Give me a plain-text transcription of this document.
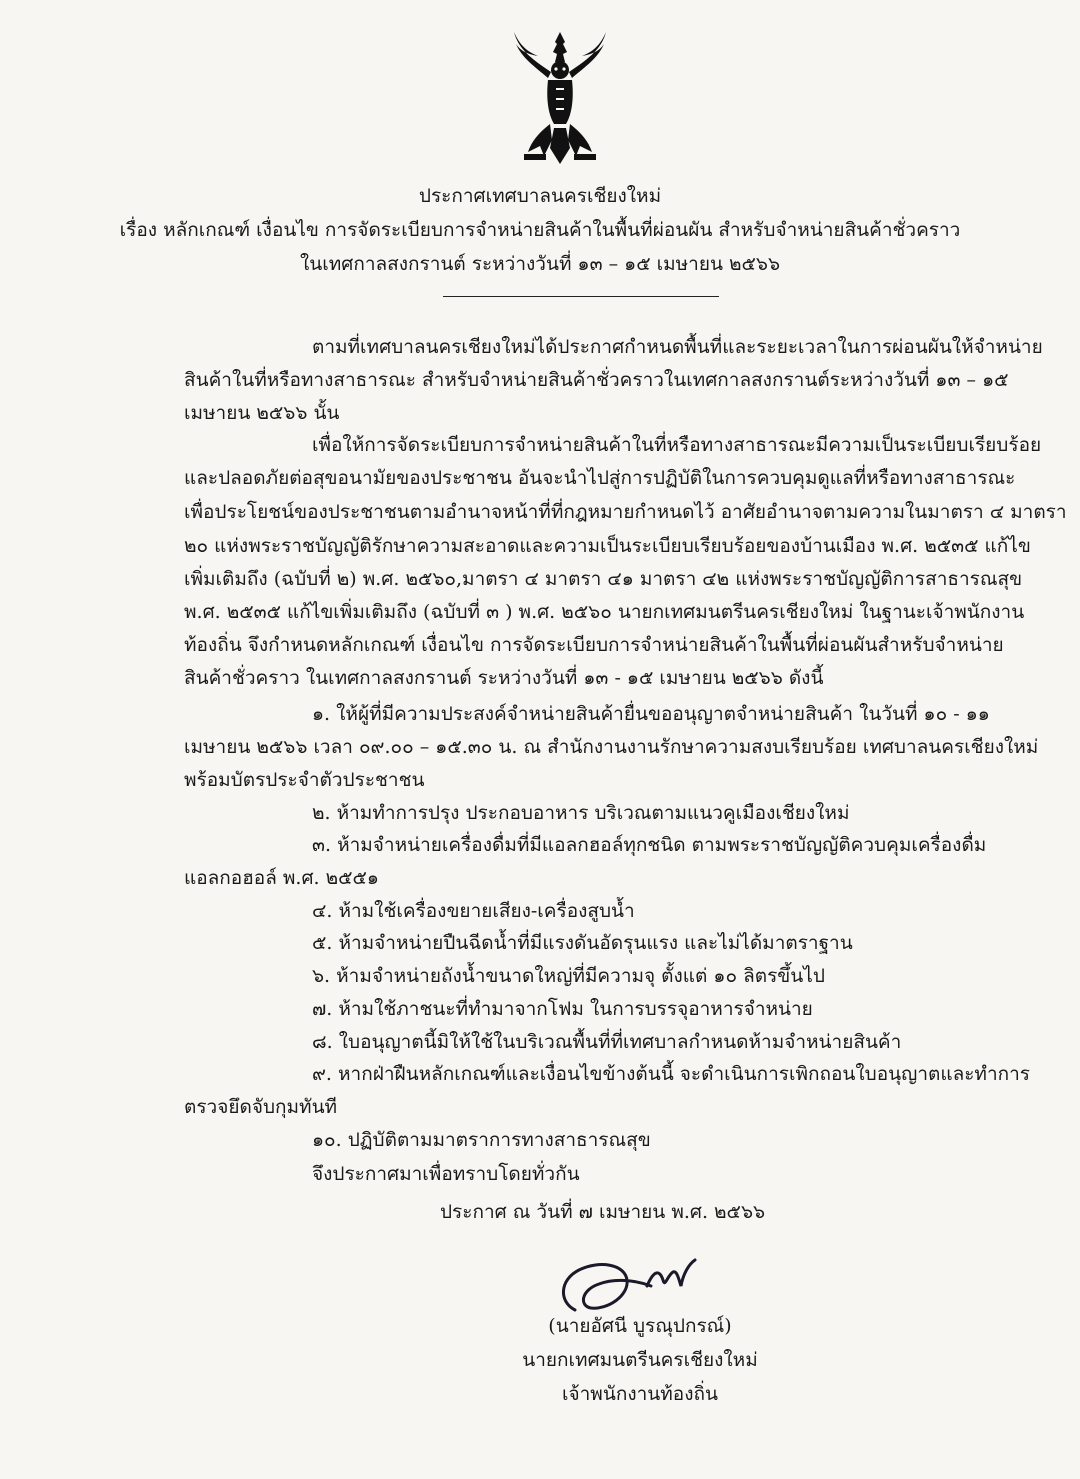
ประกาศเทศบาลนครเชียงใหม่
เรื่อง หลักเกณฑ์ เงื่อนไข การจัดระเบียบการจำหน่ายสินค้าในพื้นที่ผ่อนผัน สำหรับจำหน่ายสินค้าชั่วคราว
ในเทศกาลสงกรานต์ ระหว่างวันที่ ๑๓ – ๑๕ เมษายน ๒๕๖๖
ตามที่เทศบาลนครเชียงใหม่ได้ประกาศกำหนดพื้นที่และระยะเวลาในการผ่อนผันให้จำหน่าย
สินค้าในที่หรือทางสาธารณะ สำหรับจำหน่ายสินค้าชั่วคราวในเทศกาลสงกรานต์ระหว่างวันที่ ๑๓ – ๑๕
เมษายน ๒๕๖๖ นั้น
เพื่อให้การจัดระเบียบการจำหน่ายสินค้าในที่หรือทางสาธารณะมีความเป็นระเบียบเรียบร้อย
และปลอดภัยต่อสุขอนามัยของประชาชน อันจะนำไปสู่การปฏิบัติในการควบคุมดูแลที่หรือทางสาธารณะ
เพื่อประโยชน์ของประชาชนตามอำนาจหน้าที่ที่กฎหมายกำหนดไว้ อาศัยอำนาจตามความในมาตรา ๔ มาตรา
๒๐ แห่งพระราชบัญญัติรักษาความสะอาดและความเป็นระเบียบเรียบร้อยของบ้านเมือง พ.ศ. ๒๕๓๕ แก้ไข
เพิ่มเติมถึง (ฉบับที่ ๒) พ.ศ. ๒๕๖๐,มาตรา ๔ มาตรา ๔๑ มาตรา ๔๒ แห่งพระราชบัญญัติการสาธารณสุข
พ.ศ. ๒๕๓๕ แก้ไขเพิ่มเติมถึง (ฉบับที่ ๓ ) พ.ศ. ๒๕๖๐ นายกเทศมนตรีนครเชียงใหม่ ในฐานะเจ้าพนักงาน
ท้องถิ่น จึงกำหนดหลักเกณฑ์ เงื่อนไข การจัดระเบียบการจำหน่ายสินค้าในพื้นที่ผ่อนผันสำหรับจำหน่าย
สินค้าชั่วคราว ในเทศกาลสงกรานต์ ระหว่างวันที่ ๑๓ - ๑๕ เมษายน ๒๕๖๖ ดังนี้
๑. ให้ผู้ที่มีความประสงค์จำหน่ายสินค้ายื่นขออนุญาตจำหน่ายสินค้า ในวันที่ ๑๐ - ๑๑
เมษายน ๒๕๖๖ เวลา ๐๙.๐๐ – ๑๕.๓๐ น. ณ สำนักงานงานรักษาความสงบเรียบร้อย เทศบาลนครเชียงใหม่
พร้อมบัตรประจำตัวประชาชน
๒. ห้ามทำการปรุง ประกอบอาหาร บริเวณตามแนวคูเมืองเชียงใหม่
๓. ห้ามจำหน่ายเครื่องดื่มที่มีแอลกฮอล์ทุกชนิด ตามพระราชบัญญัติควบคุมเครื่องดื่ม
แอลกอฮอล์ พ.ศ. ๒๕๕๑
๔. ห้ามใช้เครื่องขยายเสียง-เครื่องสูบน้ำ
๕. ห้ามจำหน่ายปืนฉีดน้ำที่มีแรงดันอัดรุนแรง และไม่ได้มาตราฐาน
๖. ห้ามจำหน่ายถังน้ำขนาดใหญ่ที่มีความจุ ตั้งแต่ ๑๐ ลิตรขึ้นไป
๗. ห้ามใช้ภาชนะที่ทำมาจากโฟม ในการบรรจุอาหารจำหน่าย
๘. ใบอนุญาตนี้มิให้ใช้ในบริเวณพื้นที่ที่เทศบาลกำหนดห้ามจำหน่ายสินค้า
๙. หากฝ่าฝืนหลักเกณฑ์และเงื่อนไขข้างต้นนี้ จะดำเนินการเพิกถอนใบอนุญาตและทำการ
ตรวจยึดจับกุมทันที
๑๐. ปฏิบัติตามมาตราการทางสาธารณสุข
จึงประกาศมาเพื่อทราบโดยทั่วกัน
ประกาศ ณ วันที่ ๗ เมษายน พ.ศ. ๒๕๖๖
(นายอัศนี บูรณุปกรณ์)
นายกเทศมนตรีนครเชียงใหม่
เจ้าพนักงานท้องถิ่น
